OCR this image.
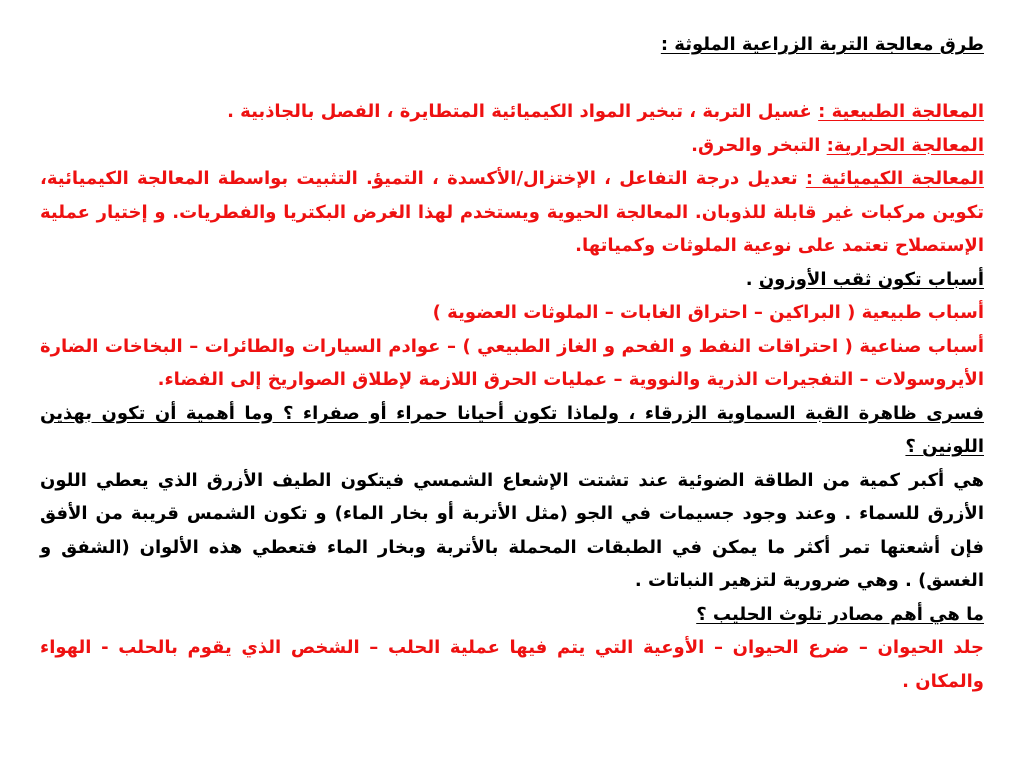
طرق معالجة التربة الزراعية الملوثة :

المعالجة الطبيعية : غسيل التربة ، تبخير المواد الكيميائية المتطايرة ، الفصل بالجاذبية .

المعالجة الحرارية: التبخر والحرق.

المعالجة الكيميائية : تعديل درجة التفاعل ، الإختزال/الأكسدة ، التميؤ. التثبيت بواسطة المعالجة الكيميائية، تكوين مركبات غير قابلة للذوبان. المعالجة الحيوية ويستخدم لهذا الغرض البكتريا والفطريات. و إختيار عملية الإستصلاح تعتمد على نوعية الملوثات وكمياتها.

أسباب تكون ثقب الأوزون .

أسباب طبيعية ( البراكين – احتراق الغابات – الملوثات العضوية )

أسباب صناعية ( احتراقات النفط و الفحم و الغاز الطبيعي ) – عوادم السيارات والطائرات – البخاخات الضارة الأيروسولات – التفجيرات الذرية والنووية – عمليات الحرق اللازمة لإطلاق الصواريخ إلى الفضاء.

فسرى ظاهرة القبة السماوية الزرقاء ، ولماذا تكون أحيانا حمراء أو صفراء ؟ وما أهمية أن تكون بهذين اللونين ؟

هي أكبر كمية من الطاقة الضوئية عند تشتت الإشعاع الشمسي فيتكون الطيف الأزرق الذي يعطي اللون الأزرق للسماء . وعند وجود جسيمات في الجو (مثل الأتربة أو بخار الماء) و تكون الشمس قريبة من الأفق فإن أشعتها تمر أكثر ما يمكن في الطبقات المحملة بالأتربة وبخار الماء فتعطي هذه الألوان (الشفق و الغسق) . وهي ضرورية لتزهير النباتات .

ما هي أهم مصادر تلوث الحليب ؟

جلد الحيوان – ضرع الحيوان – الأوعية التي يتم فيها عملية الحلب – الشخص الذي يقوم بالحلب - الهواء والمكان .
